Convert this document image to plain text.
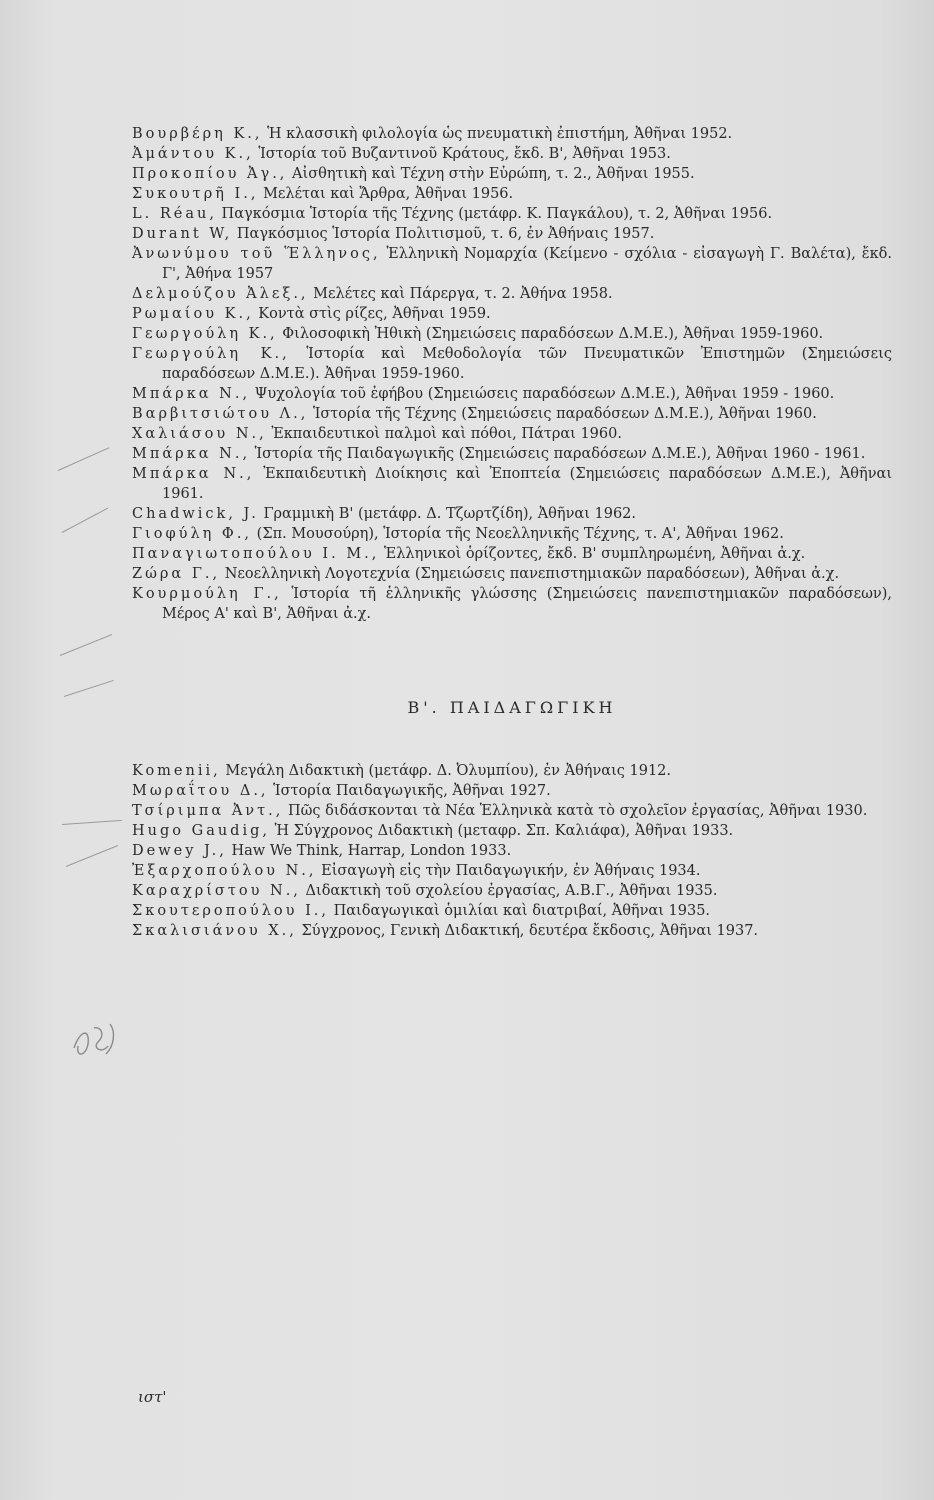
Βουρβέρη Κ., Ἡ κλασσικὴ φιλολογία ὡς πνευματικὴ ἐπιστήμη, Ἀθῆναι 1952.

Ἀμάντου Κ., Ἱστορία τοῦ Βυζαντινοῦ Κράτους, ἔκδ. Β', Ἀθῆναι 1953.

Προκοπίου Ἀγ., Αἰσθητικὴ καὶ Τέχνη στὴν Εὐρώπη, τ. 2., Ἀθῆναι 1955.

Συκουτρῆ Ι., Μελέται καὶ Ἄρθρα, Ἀθῆναι 1956.

L. Réau, Παγκόσμια Ἱστορία τῆς Τέχνης (μετάφρ. Κ. Παγκάλου), τ. 2, Ἀθῆναι 1956.

Durant W, Παγκόσμιος Ἱστορία Πολιτισμοῦ, τ. 6, ἐν Ἀθήναις 1957.

Ἀνωνύμου τοῦ Ἕλληνος, Ἑλληνικὴ Νομαρχία (Κείμενο - σχόλια - εἰσαγωγὴ Γ. Βαλέτα), ἔκδ. Γ', Ἀθήνα 1957

Δελμούζου Ἀλεξ., Μελέτες καὶ Πάρεργα, τ. 2. Ἀθήνα 1958.

Ρωμαίου Κ., Κοντὰ στὶς ρίζες, Ἀθῆναι 1959.

Γεωργούλη Κ., Φιλοσοφικὴ Ἠθικὴ (Σημειώσεις παραδόσεων Δ.Μ.Ε.), Ἀθῆναι 1959-1960.

Γεωργούλη Κ., Ἱστορία καὶ Μεθοδολογία τῶν Πνευματικῶν Ἐπιστημῶν (Σημειώσεις παραδόσεων Δ.Μ.Ε.). Ἀθῆναι 1959-1960.

Μπάρκα Ν., Ψυχολογία τοῦ ἐφήβου (Σημειώσεις παραδόσεων Δ.Μ.Ε.), Ἀθῆναι 1959 - 1960.

Βαρβιτσιώτου Λ., Ἱστορία τῆς Τέχνης (Σημειώσεις παραδόσεων Δ.Μ.Ε.), Ἀθῆναι 1960.

Χαλιάσου Ν., Ἐκπαιδευτικοὶ παλμοὶ καὶ πόθοι, Πάτραι 1960.

Μπάρκα Ν., Ἱστορία τῆς Παιδαγωγικῆς (Σημειώσεις παραδόσεων Δ.Μ.Ε.), Ἀθῆναι 1960 - 1961.

Μπάρκα Ν., Ἐκπαιδευτικὴ Διοίκησις καὶ Ἐποπτεία (Σημειώσεις παραδόσεων Δ.Μ.Ε.), Ἀθῆναι 1961.

Chadwick, J. Γραμμικὴ Β' (μετάφρ. Δ. Τζωρτζίδη), Ἀθῆναι 1962.

Γιοφύλη Φ., (Σπ. Μουσούρη), Ἱστορία τῆς Νεοελληνικῆς Τέχνης, τ. Α', Ἀθῆναι 1962.

Παναγιωτοπούλου Ι. Μ., Ἑλληνικοὶ ὁρίζοντες, ἔκδ. Β' συμπληρωμένη, Ἀθῆναι ἀ.χ.

Ζώρα Γ., Νεοελληνικὴ Λογοτεχνία (Σημειώσεις πανεπιστημιακῶν παραδόσεων), Ἀθῆναι ἀ.χ.

Κουρμούλη Γ., Ἱστορία τῆ ἑλληνικῆς γλώσσης (Σημειώσεις πανεπιστημιακῶν παραδόσεων), Μέρος Α' καὶ Β', Ἀθῆναι ἀ.χ.

Β'. ΠΑΙΔΑΓΩΓΙΚΗ

Komenii, Μεγάλη Διδακτικὴ (μετάφρ. Δ. Ὀλυμπίου), ἐν Ἀθήναις 1912.

Μωραΐτου Δ., Ἱστορία Παιδαγωγικῆς, Ἀθῆναι 1927.

Τσίριμπα Ἀντ., Πῶς διδάσκονται τὰ Νέα Ἑλληνικὰ κατὰ τὸ σχολεῖον ἐργασίας, Ἀθῆναι 1930.

Hugo Gaudig, Ἡ Σύγχρονος Διδακτικὴ (μεταφρ. Σπ. Καλιάφα), Ἀθῆναι 1933.

Dewey J., Haw We Think, Harrap, London 1933.

Ἐξαρχοπούλου Ν., Εἰσαγωγὴ εἰς τὴν Παιδαγωγικήν, ἐν Ἀθήναις 1934.

Καραχρίστου Ν., Διδακτικὴ τοῦ σχολείου ἐργασίας, Α.Β.Γ., Ἀθῆναι 1935.

Σκουτεροπούλου Ι., Παιδαγωγικαὶ ὁμιλίαι καὶ διατριβαί, Ἀθῆναι 1935.

Σκαλισιάνου Χ., Σύγχρονος, Γενικὴ Διδακτική, δευτέρα ἔκδοσις, Ἀθῆναι 1937.

ιστ'
